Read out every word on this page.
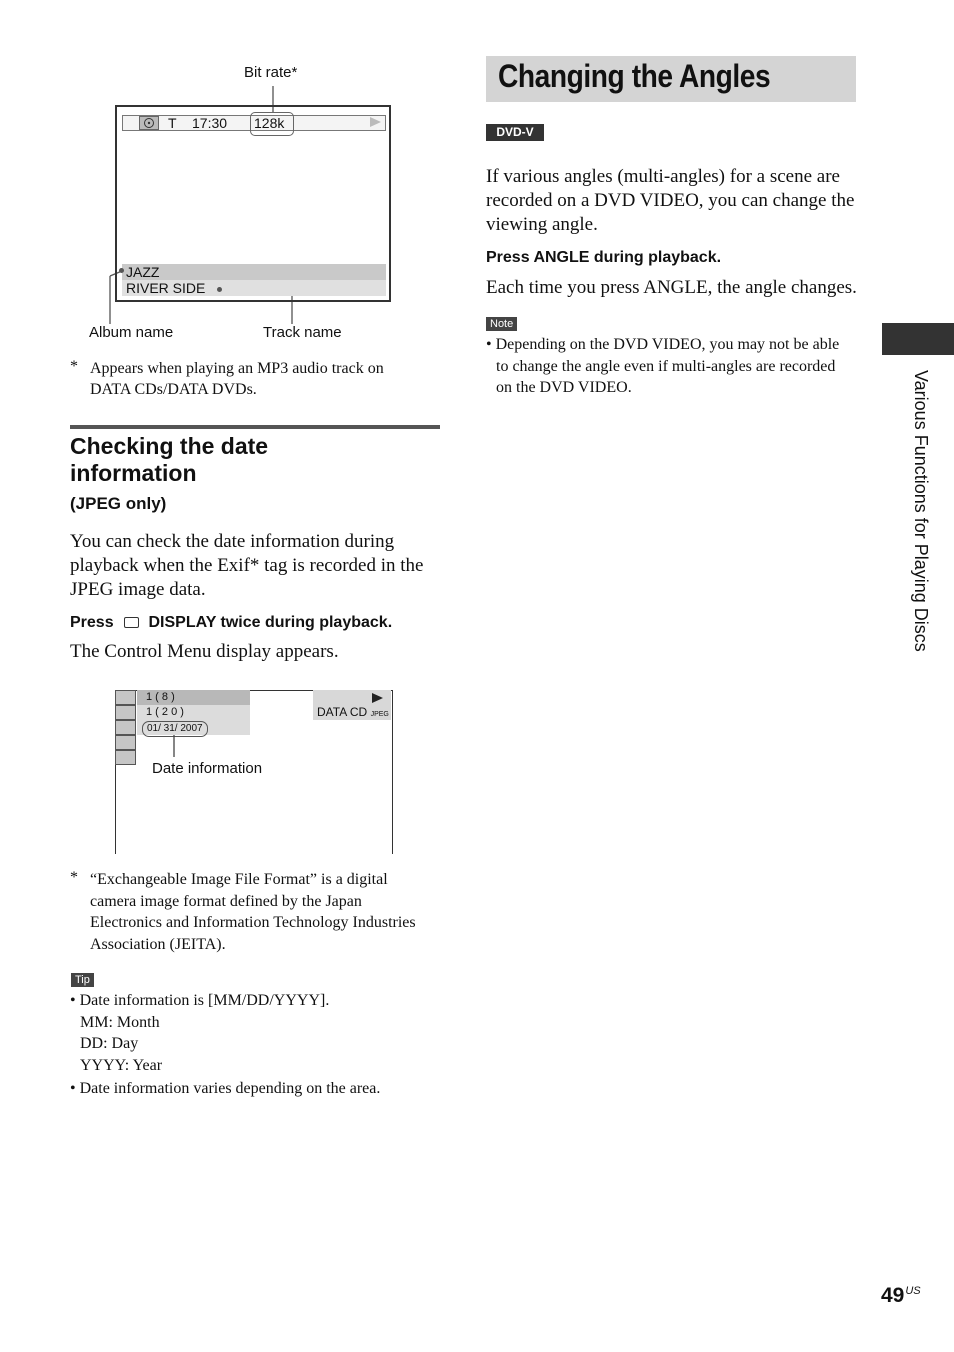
Bit rate*
T 17:30 128k
JAZZ
RIVER SIDE
Album name	Track name
* Appears when playing an MP3 audio track on
DATA CDs/DATA DVDs.
Checking the date
information
(JPEG only)
You can check the date information during
playback when the Exif* tag is recorded in the
JPEG image data.
Press DISPLAY twice during playback.
The Control Menu display appears.
1 ( 8 )
1 ( 2 0 )
01/ 31/ 2007
DATA CD JPEG
Date information
* “Exchangeable Image File Format” is a digital
camera image format defined by the Japan
Electronics and Information Technology Industries
Association (JEITA).
Tip
• Date information is [MM/DD/YYYY].
MM: Month
DD: Day
YYYY: Year
• Date information varies depending on the area.
Changing the Angles
DVD-V
If various angles (multi-angles) for a scene are
recorded on a DVD VIDEO, you can change the
viewing angle.
Press ANGLE during playback.
Each time you press ANGLE, the angle changes.
Note
• Depending on the DVD VIDEO, you may not be able
to change the angle even if multi-angles are recorded
on the DVD VIDEO.	Various Functions for Playing Discs
$49^{US}$
